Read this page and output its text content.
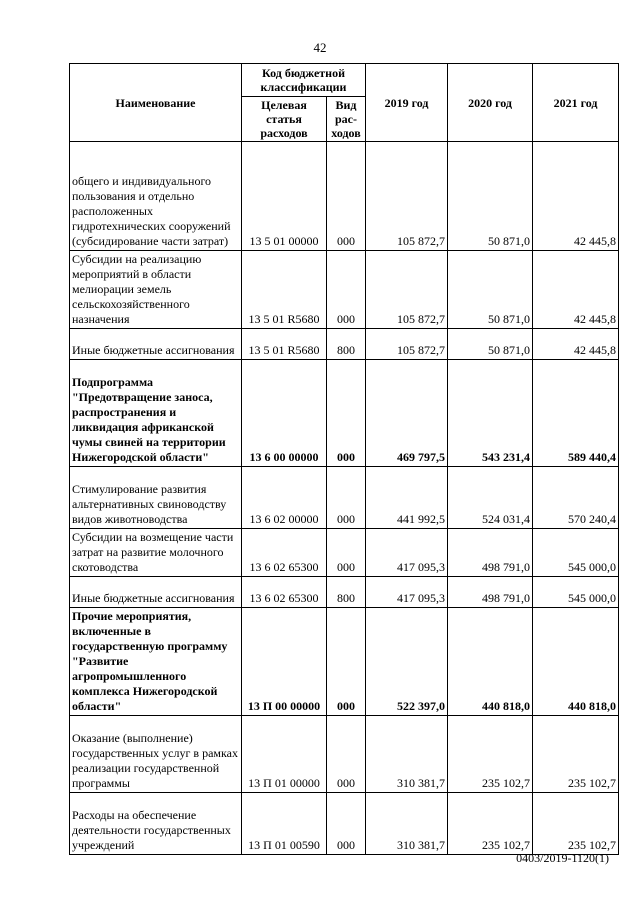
42
Наименование	Код бюджетной классификации		2019 год	2020 год	2021 год
	Целевая статья расходов	Вид рас-ходов			
общего и индивидуального пользования и отдельно расположенных гидротехнических сооружений (субсидирование части затрат)	13 5 01 00000	000	105 872,7	50 871,0	42 445,8
Субсидии на реализацию мероприятий в области мелиорации земель сельскохозяйственного назначения	13 5 01 R5680	000	105 872,7	50 871,0	42 445,8
Иные бюджетные ассигнования	13 5 01 R5680	800	105 872,7	50 871,0	42 445,8
Подпрограмма "Предотвращение заноса, распространения и ликвидация африканской чумы свиней на территории Нижегородской области"	13 6 00 00000	000	469 797,5	543 231,4	589 440,4
Стимулирование развития альтернативных свиноводству видов животноводства	13 6 02 00000	000	441 992,5	524 031,4	570 240,4
Субсидии на возмещение части затрат на развитие молочного скотоводства	13 6 02 65300	000	417 095,3	498 791,0	545 000,0
Иные бюджетные ассигнования	13 6 02 65300	800	417 095,3	498 791,0	545 000,0
Прочие мероприятия, включенные в государственную программу "Развитие агропромышленного комплекса Нижегородской области"	13 П 00 00000	000	522 397,0	440 818,0	440 818,0
Оказание (выполнение) государственных услуг в рамках реализации государственной программы	13 П 01 00000	000	310 381,7	235 102,7	235 102,7
Расходы на обеспечение деятельности государственных учреждений	13 П 01 00590	000	310 381,7	235 102,7	235 102,7
0403/2019-1120(1)
